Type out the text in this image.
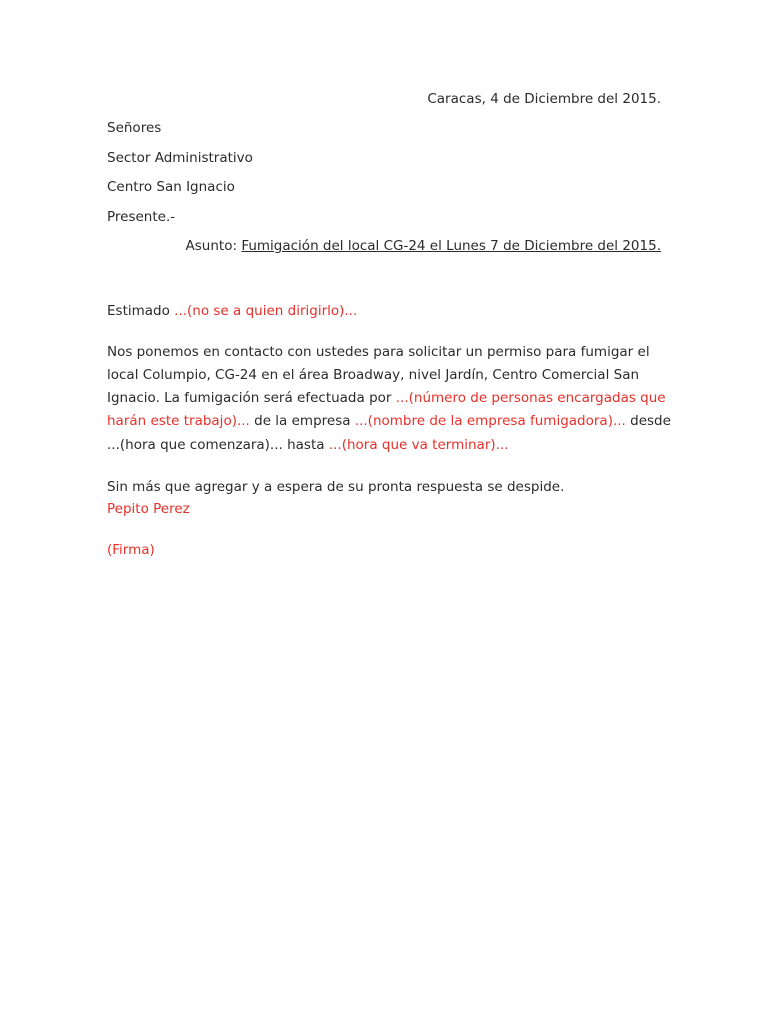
Caracas, 4 de Diciembre del 2015.
Señores
Sector Administrativo
Centro San Ignacio
Presente.-
Asunto: Fumigación del local CG-24 el Lunes 7 de Diciembre del 2015.
Estimado ...(no se a quien dirigirlo)...
Nos ponemos en contacto con ustedes para solicitar un permiso para fumigar el
local Columpio, CG-24 en el área Broadway, nivel Jardín, Centro Comercial San
Ignacio. La fumigación será efectuada por ...(número de personas encargadas que
harán este trabajo)... de la empresa ...(nombre de la empresa fumigadora)... desde
...(hora que comenzara)... hasta ...(hora que va terminar)...
Sin más que agregar y a espera de su pronta respuesta se despide.
Pepito Perez
(Firma)
